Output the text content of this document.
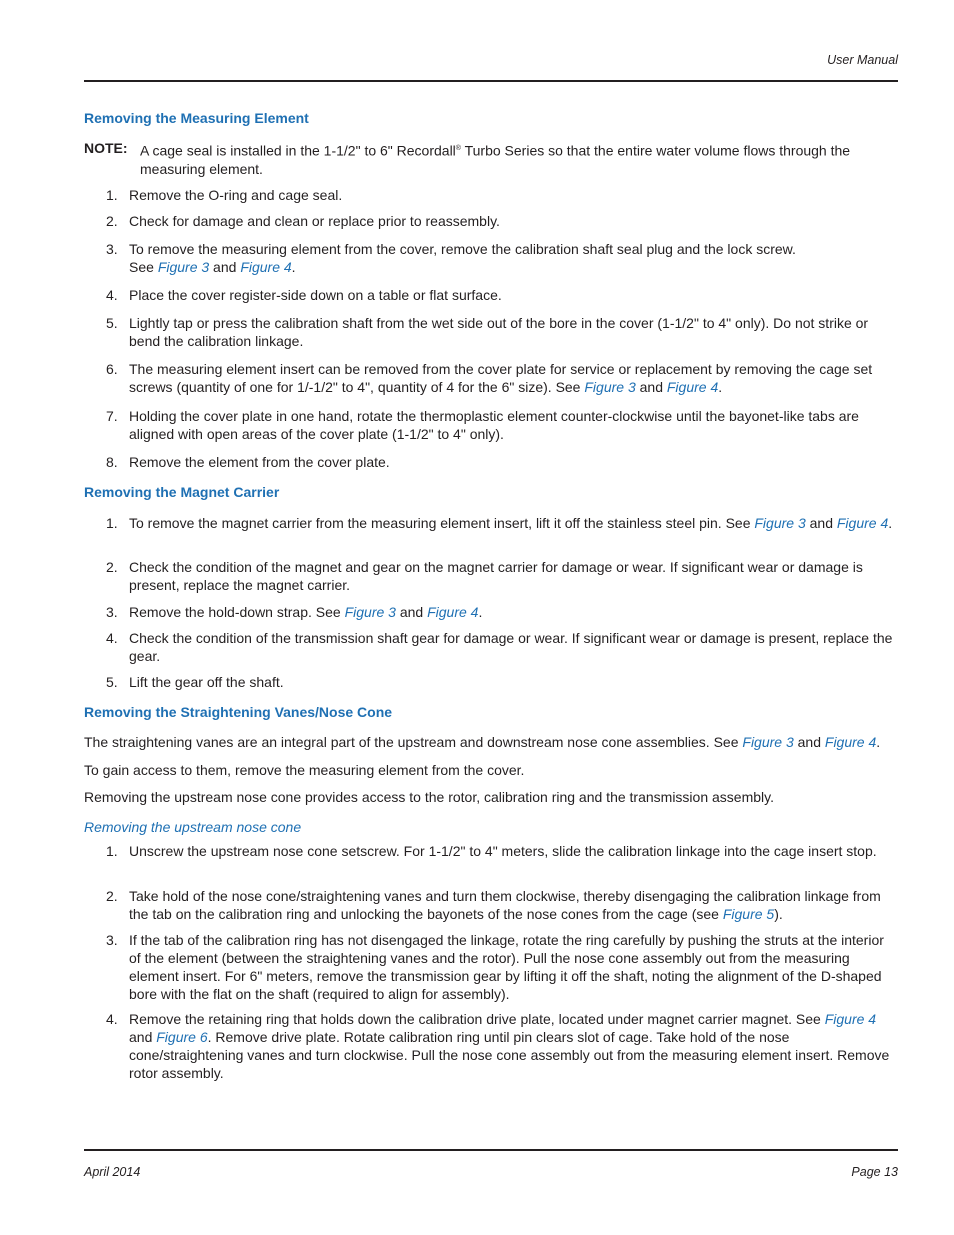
User Manual
Removing the Measuring Element
NOTE: A cage seal is installed in the 1-1/2" to 6" Recordall® Turbo Series so that the entire water volume flows through the measuring element.
1. Remove the O-ring and cage seal.
2. Check for damage and clean or replace prior to reassembly.
3. To remove the measuring element from the cover, remove the calibration shaft seal plug and the lock screw.
See Figure 3 and Figure 4.
4. Place the cover register-side down on a table or flat surface.
5. Lightly tap or press the calibration shaft from the wet side out of the bore in the cover (1-1/2" to 4" only). Do not strike or bend the calibration linkage.
6. The measuring element insert can be removed from the cover plate for service or replacement by removing the cage set screws (quantity of one for 1/-1/2" to 4", quantity of 4 for the 6" size). See Figure 3 and Figure 4.
7. Holding the cover plate in one hand, rotate the thermoplastic element counter-clockwise until the bayonet-like tabs are aligned with open areas of the cover plate (1-1/2" to 4" only).
8. Remove the element from the cover plate.
Removing the Magnet Carrier
1. To remove the magnet carrier from the measuring element insert, lift it off the stainless steel pin. See Figure 3 and Figure 4.
2. Check the condition of the magnet and gear on the magnet carrier for damage or wear. If significant wear or damage is present, replace the magnet carrier.
3. Remove the hold-down strap. See Figure 3 and Figure 4.
4. Check the condition of the transmission shaft gear for damage or wear. If significant wear or damage is present, replace the gear.
5. Lift the gear off the shaft.
Removing the Straightening Vanes/Nose Cone
The straightening vanes are an integral part of the upstream and downstream nose cone assemblies. See Figure 3 and Figure 4.
To gain access to them, remove the measuring element from the cover.
Removing the upstream nose cone provides access to the rotor, calibration ring and the transmission assembly.
Removing the upstream nose cone
1. Unscrew the upstream nose cone setscrew. For 1-1/2" to 4" meters, slide the calibration linkage into the cage insert stop.
2. Take hold of the nose cone/straightening vanes and turn them clockwise, thereby disengaging the calibration linkage from the tab on the calibration ring and unlocking the bayonets of the nose cones from the cage (see Figure 5).
3. If the tab of the calibration ring has not disengaged the linkage, rotate the ring carefully by pushing the struts at the interior of the element (between the straightening vanes and the rotor). Pull the nose cone assembly out from the measuring element insert. For 6" meters, remove the transmission gear by lifting it off the shaft, noting the alignment of the D-shaped bore with the flat on the shaft (required to align for assembly).
4. Remove the retaining ring that holds down the calibration drive plate, located under magnet carrier magnet. See Figure 4 and Figure 6. Remove drive plate. Rotate calibration ring until pin clears slot of cage. Take hold of the nose cone/straightening vanes and turn clockwise. Pull the nose cone assembly out from the measuring element insert. Remove rotor assembly.
April 2014	Page 13
